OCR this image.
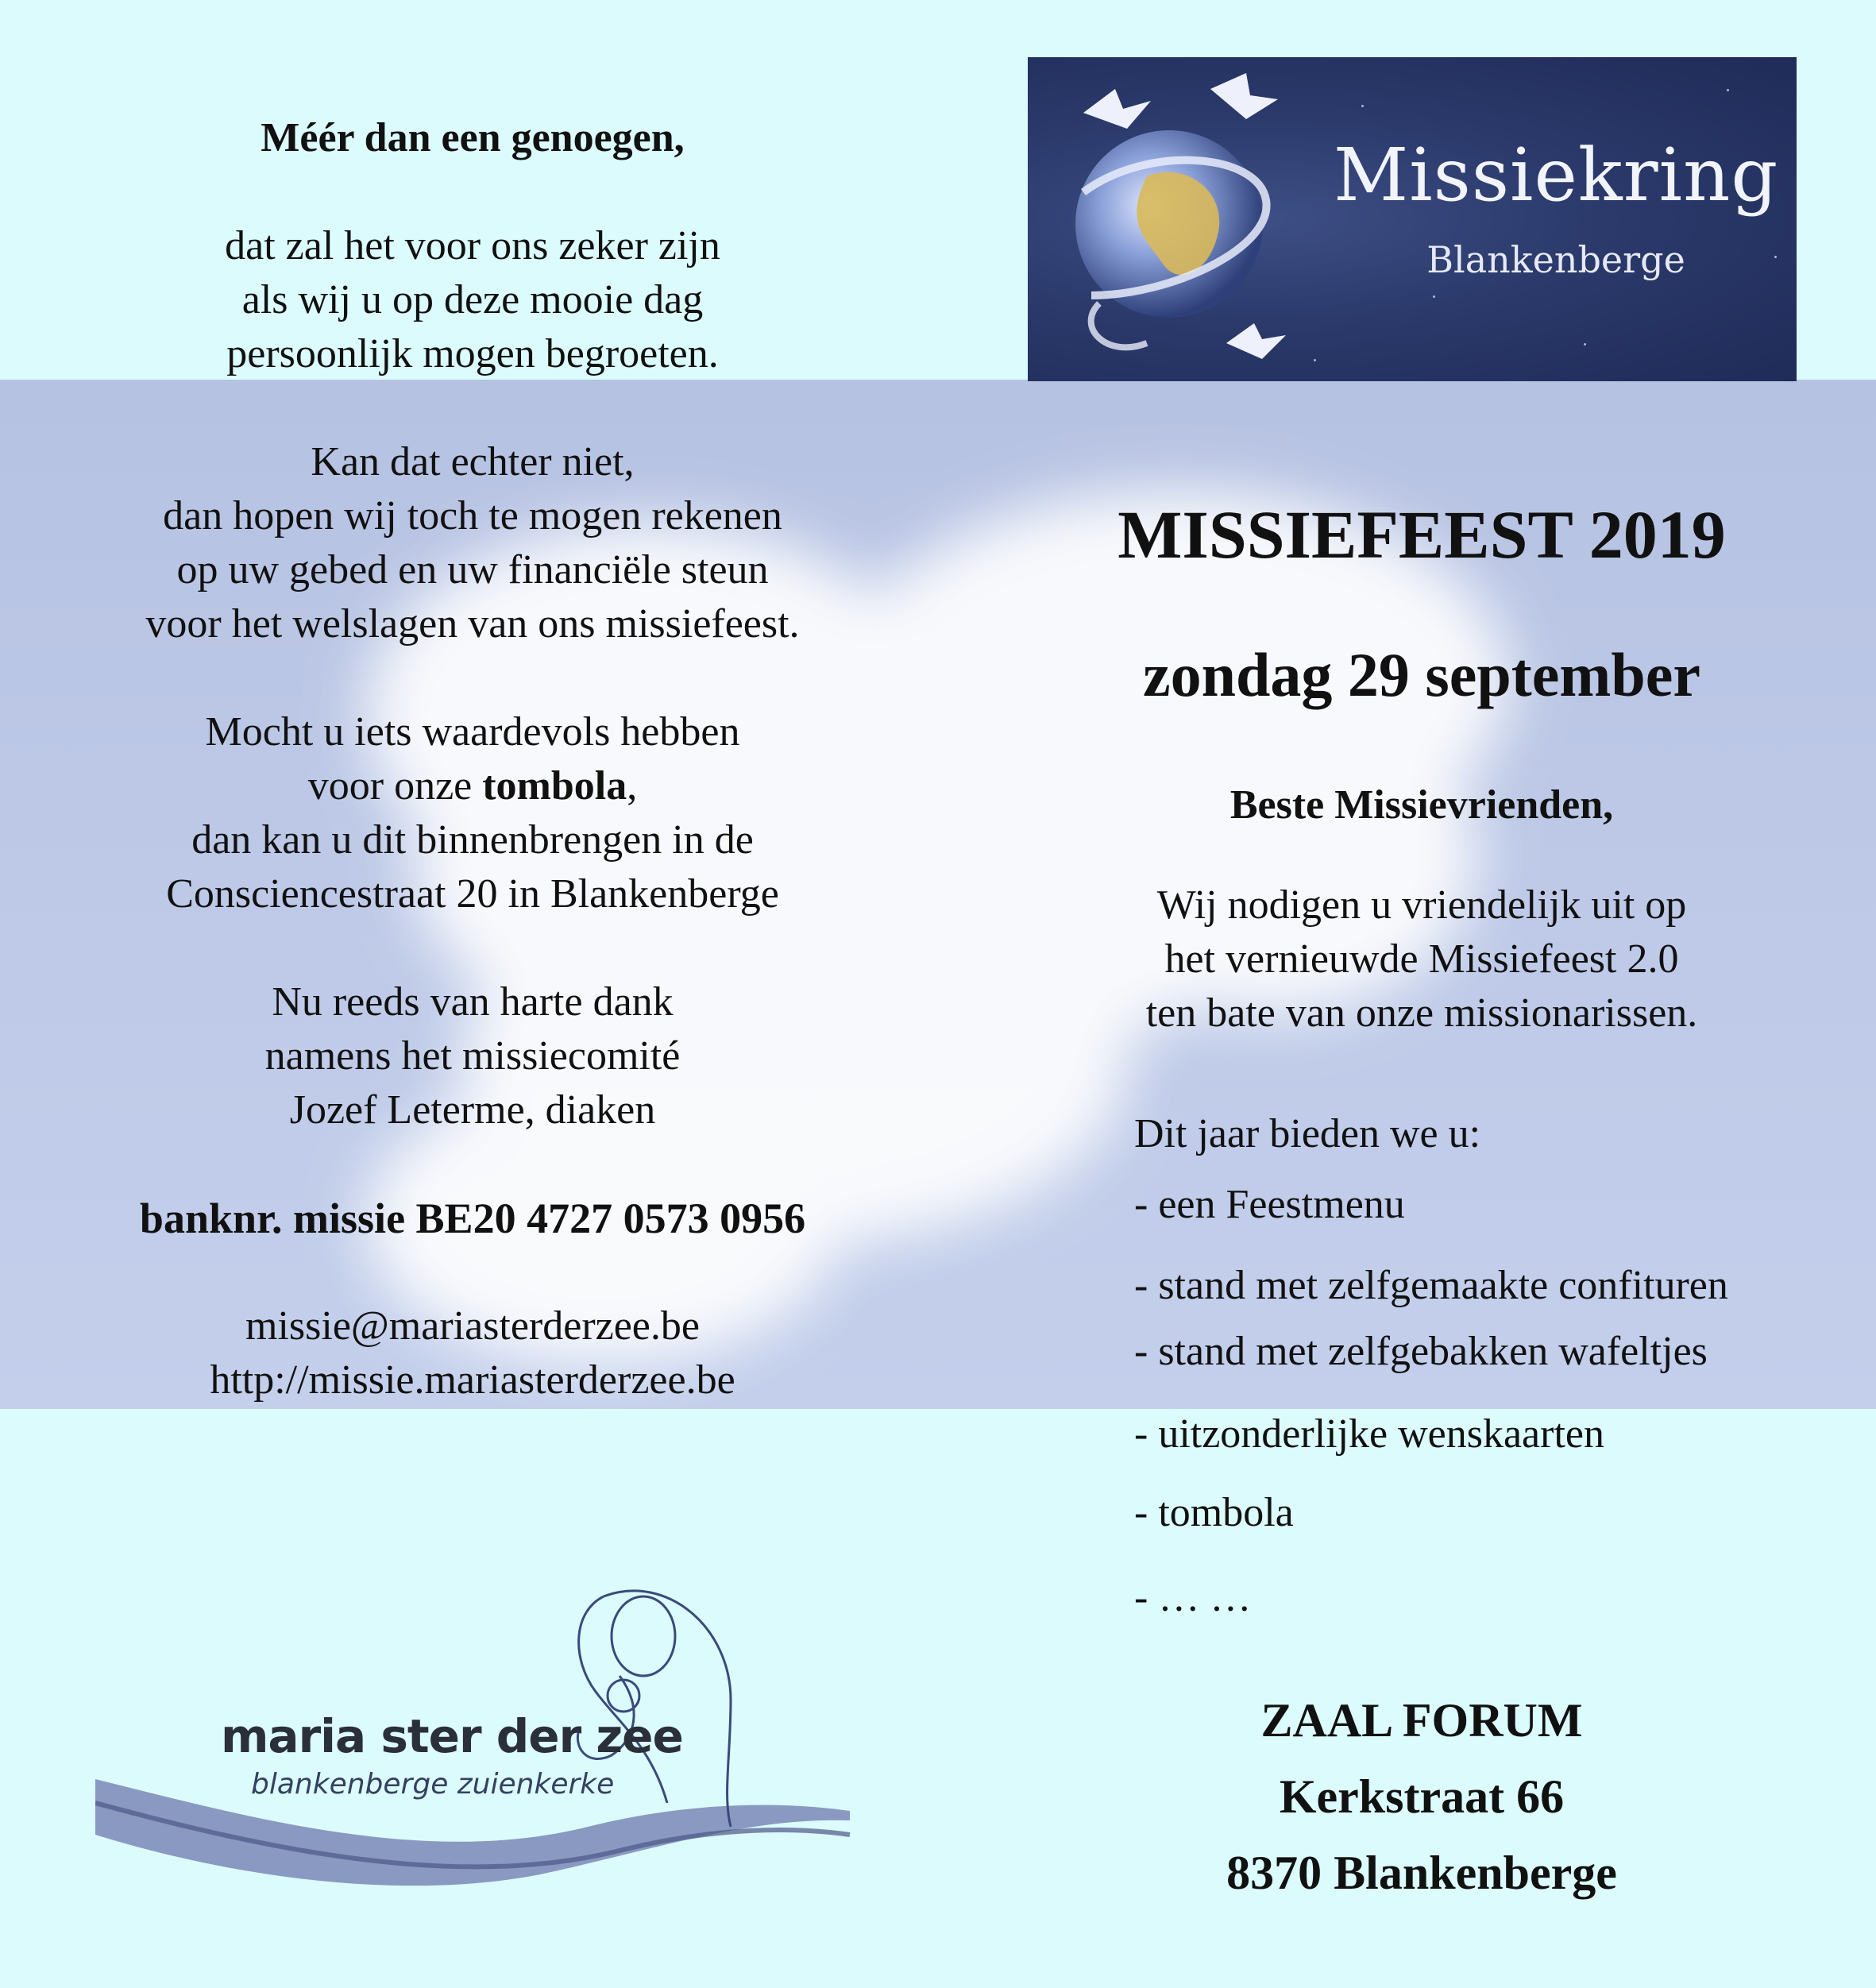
Missiekring
Blankenberge

Méér dan een genoegen,

dat zal het voor ons zeker zijn

als wij u op deze mooie dag

persoonlijk mogen begroeten.

Kan dat echter niet,

dan hopen wij toch te mogen rekenen

op uw gebed en uw financiële steun

voor het welslagen van ons missiefeest.

Mocht u iets waardevols hebben

voor onze tombola,

dan kan u dit binnenbrengen in de

Consciencestraat 20 in Blankenberge

Nu reeds van harte dank

namens het missiecomité

Jozef Leterme, diaken

banknr. missie BE20 4727 0573 0956

missie@mariasterderzee.be

http://missie.mariasterderzee.be

MISSIEFEEST 2019

zondag 29 september

Beste Missievrienden,

Wij nodigen u vriendelijk uit op

het vernieuwde Missiefeest 2.0

ten bate van onze missionarissen.

Dit jaar bieden we u:
- een Feestmenu
- stand met zelfgemaakte confituren
- stand met zelfgebakken wafeltjes
- uitzonderlijke wenskaarten
- tombola
- … …

ZAAL FORUM

Kerkstraat 66

8370 Blankenberge

maria ster der zee
blankenberge zuienkerke
